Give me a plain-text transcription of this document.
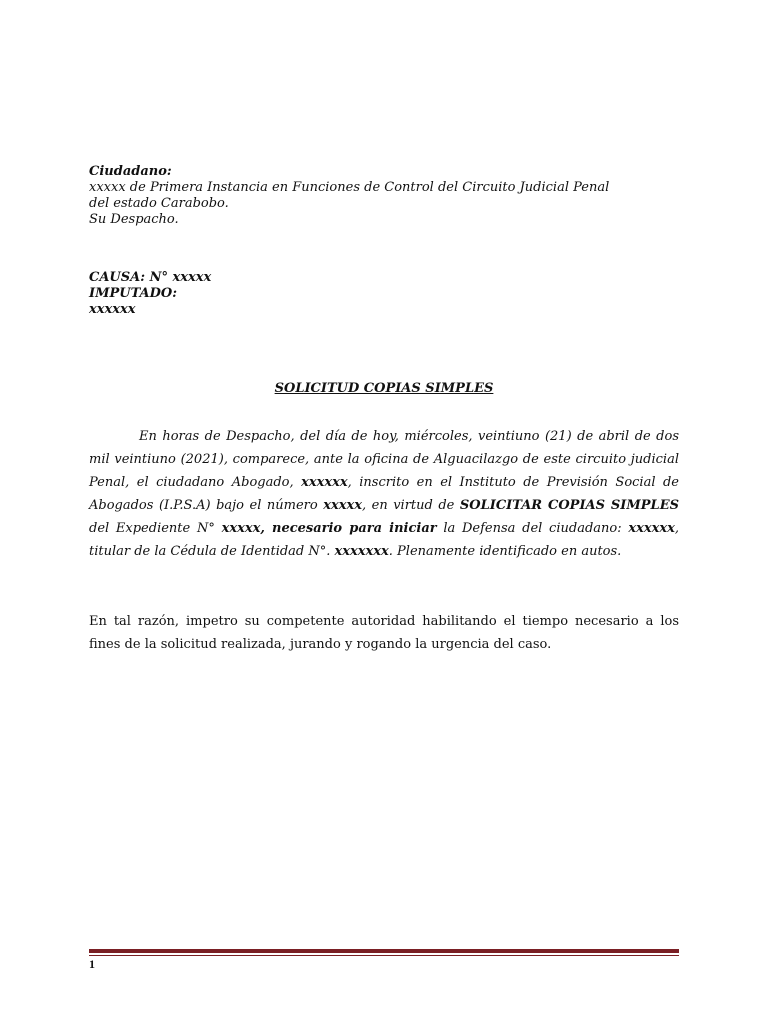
Ciudadano:
xxxxx de Primera Instancia en Funciones de Control del Circuito Judicial Penal
del estado Carabobo.
Su Despacho.
CAUSA: N° xxxxx
IMPUTADO:
xxxxxx
SOLICITUD COPIAS SIMPLES
En horas de Despacho, del día de hoy, miércoles, veintiuno (21) de abril de dos mil veintiuno (2021), comparece, ante la oficina de Alguacilazgo de este circuito judicial Penal, el ciudadano Abogado, xxxxxx, inscrito en el Instituto de Previsión Social de Abogados (I.P.S.A) bajo el número xxxxx, en virtud de SOLICITAR COPIAS SIMPLES del Expediente N° xxxxx, necesario para iniciar la Defensa del ciudadano: xxxxxx, titular de la Cédula de Identidad N°. xxxxxxx. Plenamente identificado en autos.
En tal razón, impetro su competente autoridad habilitando el tiempo necesario a los fines de la solicitud realizada, jurando y rogando la urgencia del caso.
1
